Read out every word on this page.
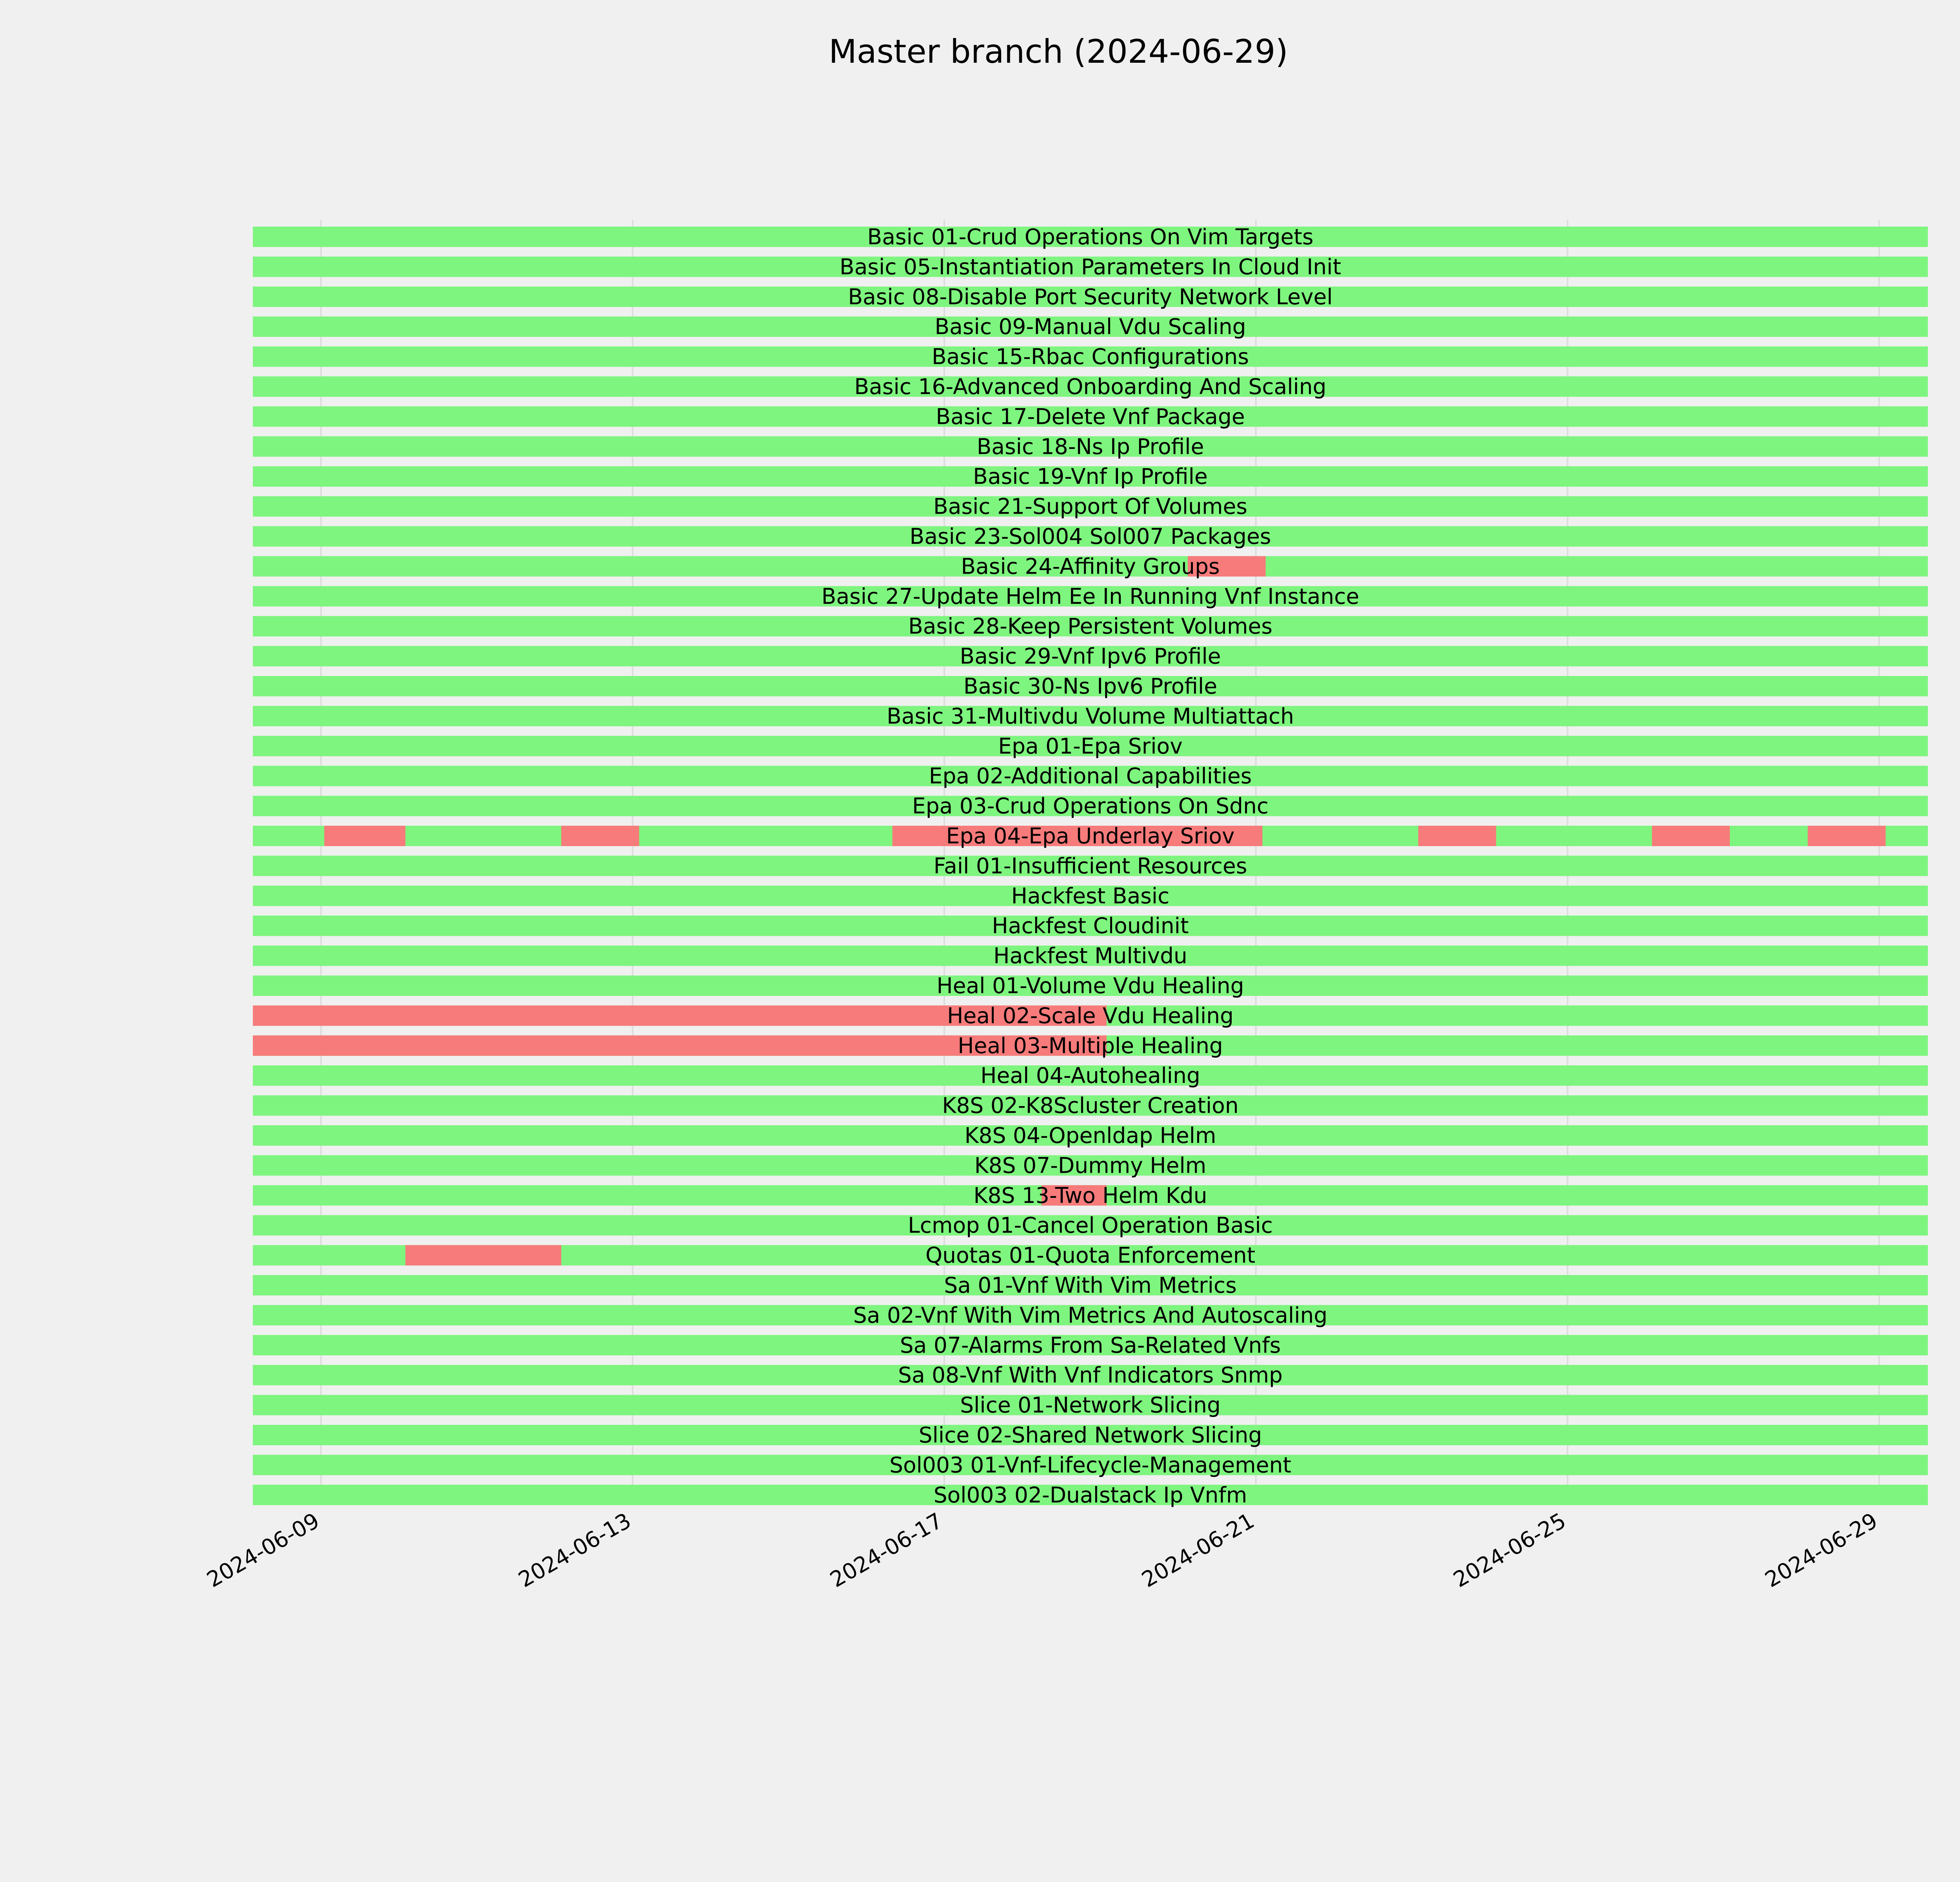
Master branch (2024-06-29)
Basic 01-Crud Operations On Vim Targets
Basic 05-Instantiation Parameters In Cloud Init
Basic 08-Disable Port Security Network Level
Basic 09-Manual Vdu Scaling
Basic 15-Rbac Configurations
Basic 16-Advanced Onboarding And Scaling
Basic 17-Delete Vnf Package
Basic 18-Ns Ip Profile
Basic 19-Vnf Ip Profile
Basic 21-Support Of Volumes
Basic 23-Sol004 Sol007 Packages
Basic 24-Affinity Groups
Basic 27-Update Helm Ee In Running Vnf Instance
Basic 28-Keep Persistent Volumes
Basic 29-Vnf Ipv6 Profile
Basic 30-Ns Ipv6 Profile
Basic 31-Multivdu Volume Multiattach
Epa 01-Epa Sriov
Epa 02-Additional Capabilities
Epa 03-Crud Operations On Sdnc
Epa 04-Epa Underlay Sriov
Fail 01-Insufficient Resources
Hackfest Basic
Hackfest Cloudinit
Hackfest Multivdu
Heal 01-Volume Vdu Healing
Heal 02-Scale Vdu Healing
Heal 03-Multiple Healing
Heal 04-Autohealing
K8S 02-K8Scluster Creation
K8S 04-Openldap Helm
K8S 07-Dummy Helm
K8S 13-Two Helm Kdu
Lcmop 01-Cancel Operation Basic
Quotas 01-Quota Enforcement
Sa 01-Vnf With Vim Metrics
Sa 02-Vnf With Vim Metrics And Autoscaling
Sa 07-Alarms From Sa-Related Vnfs
Sa 08-Vnf With Vnf Indicators Snmp
Slice 01-Network Slicing
Slice 02-Shared Network Slicing
Sol003 01-Vnf-Lifecycle-Management
Sol003 02-Dualstack Ip Vnfm
2024-06-09	2024-06-13	2024-06-17	2024-06-21	2024-06-25	2024-06-29
